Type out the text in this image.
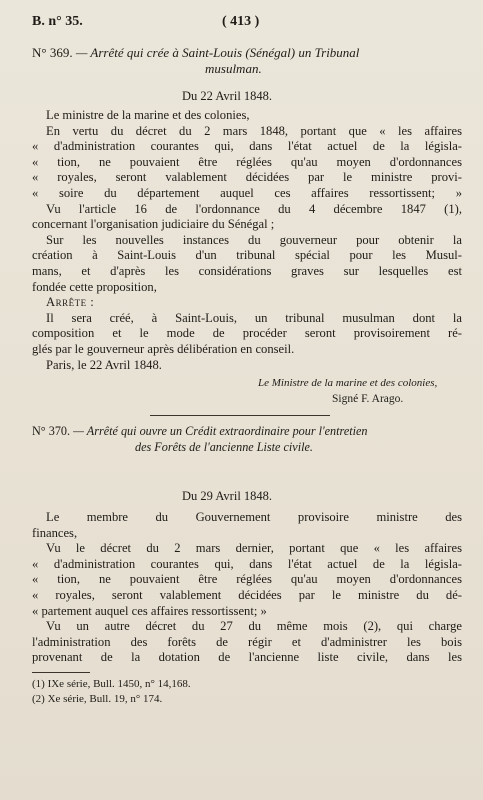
B. n° 35.	( 413 )
N° 369. — Arrêté qui crée à Saint-Louis (Sénégal) un Tribunal
musulman.
Du 22 Avril 1848.
Le ministre de la marine et des colonies,
En vertu du décret du 2 mars 1848, portant que « les affaires
« d'administration courantes qui, dans l'état actuel de la législa-
« tion, ne pouvaient être réglées qu'au moyen d'ordonnances
« royales, seront valablement décidées par le ministre provi-
« soire du département auquel ces affaires ressortissent; »
Vu l'article 16 de l'ordonnance du 4 décembre 1847 (1),
concernant l'organisation judiciaire du Sénégal ;
Sur les nouvelles instances du gouverneur pour obtenir la
création à Saint-Louis d'un tribunal spécial pour les Musul-
mans, et d'après les considérations graves sur lesquelles est
fondée cette proposition,
Arrête :
Il sera créé, à Saint-Louis, un tribunal musulman dont la
composition et le mode de procéder seront provisoirement ré-
glés par le gouverneur après délibération en conseil.
Paris, le 22 Avril 1848.
Le Ministre de la marine et des colonies,
Signé F. Arago.
N° 370. — Arrêté qui ouvre un Crédit extraordinaire pour l'entretien
des Forêts de l'ancienne Liste civile.
Du 29 Avril 1848.
Le membre du Gouvernement provisoire ministre des
finances,
Vu le décret du 2 mars dernier, portant que « les affaires
« d'administration courantes qui, dans l'état actuel de la législa-
« tion, ne pouvaient être réglées qu'au moyen d'ordonnances
« royales, seront valablement décidées par le ministre du dé-
« partement auquel ces affaires ressortissent; »
Vu un autre décret du 27 du même mois (2), qui charge
l'administration des forêts de régir et d'administrer les bois
provenant de la dotation de l'ancienne liste civile, dans les
(1) IXe série, Bull. 1450, n° 14,168.
(2) Xe série, Bull. 19, n° 174.
